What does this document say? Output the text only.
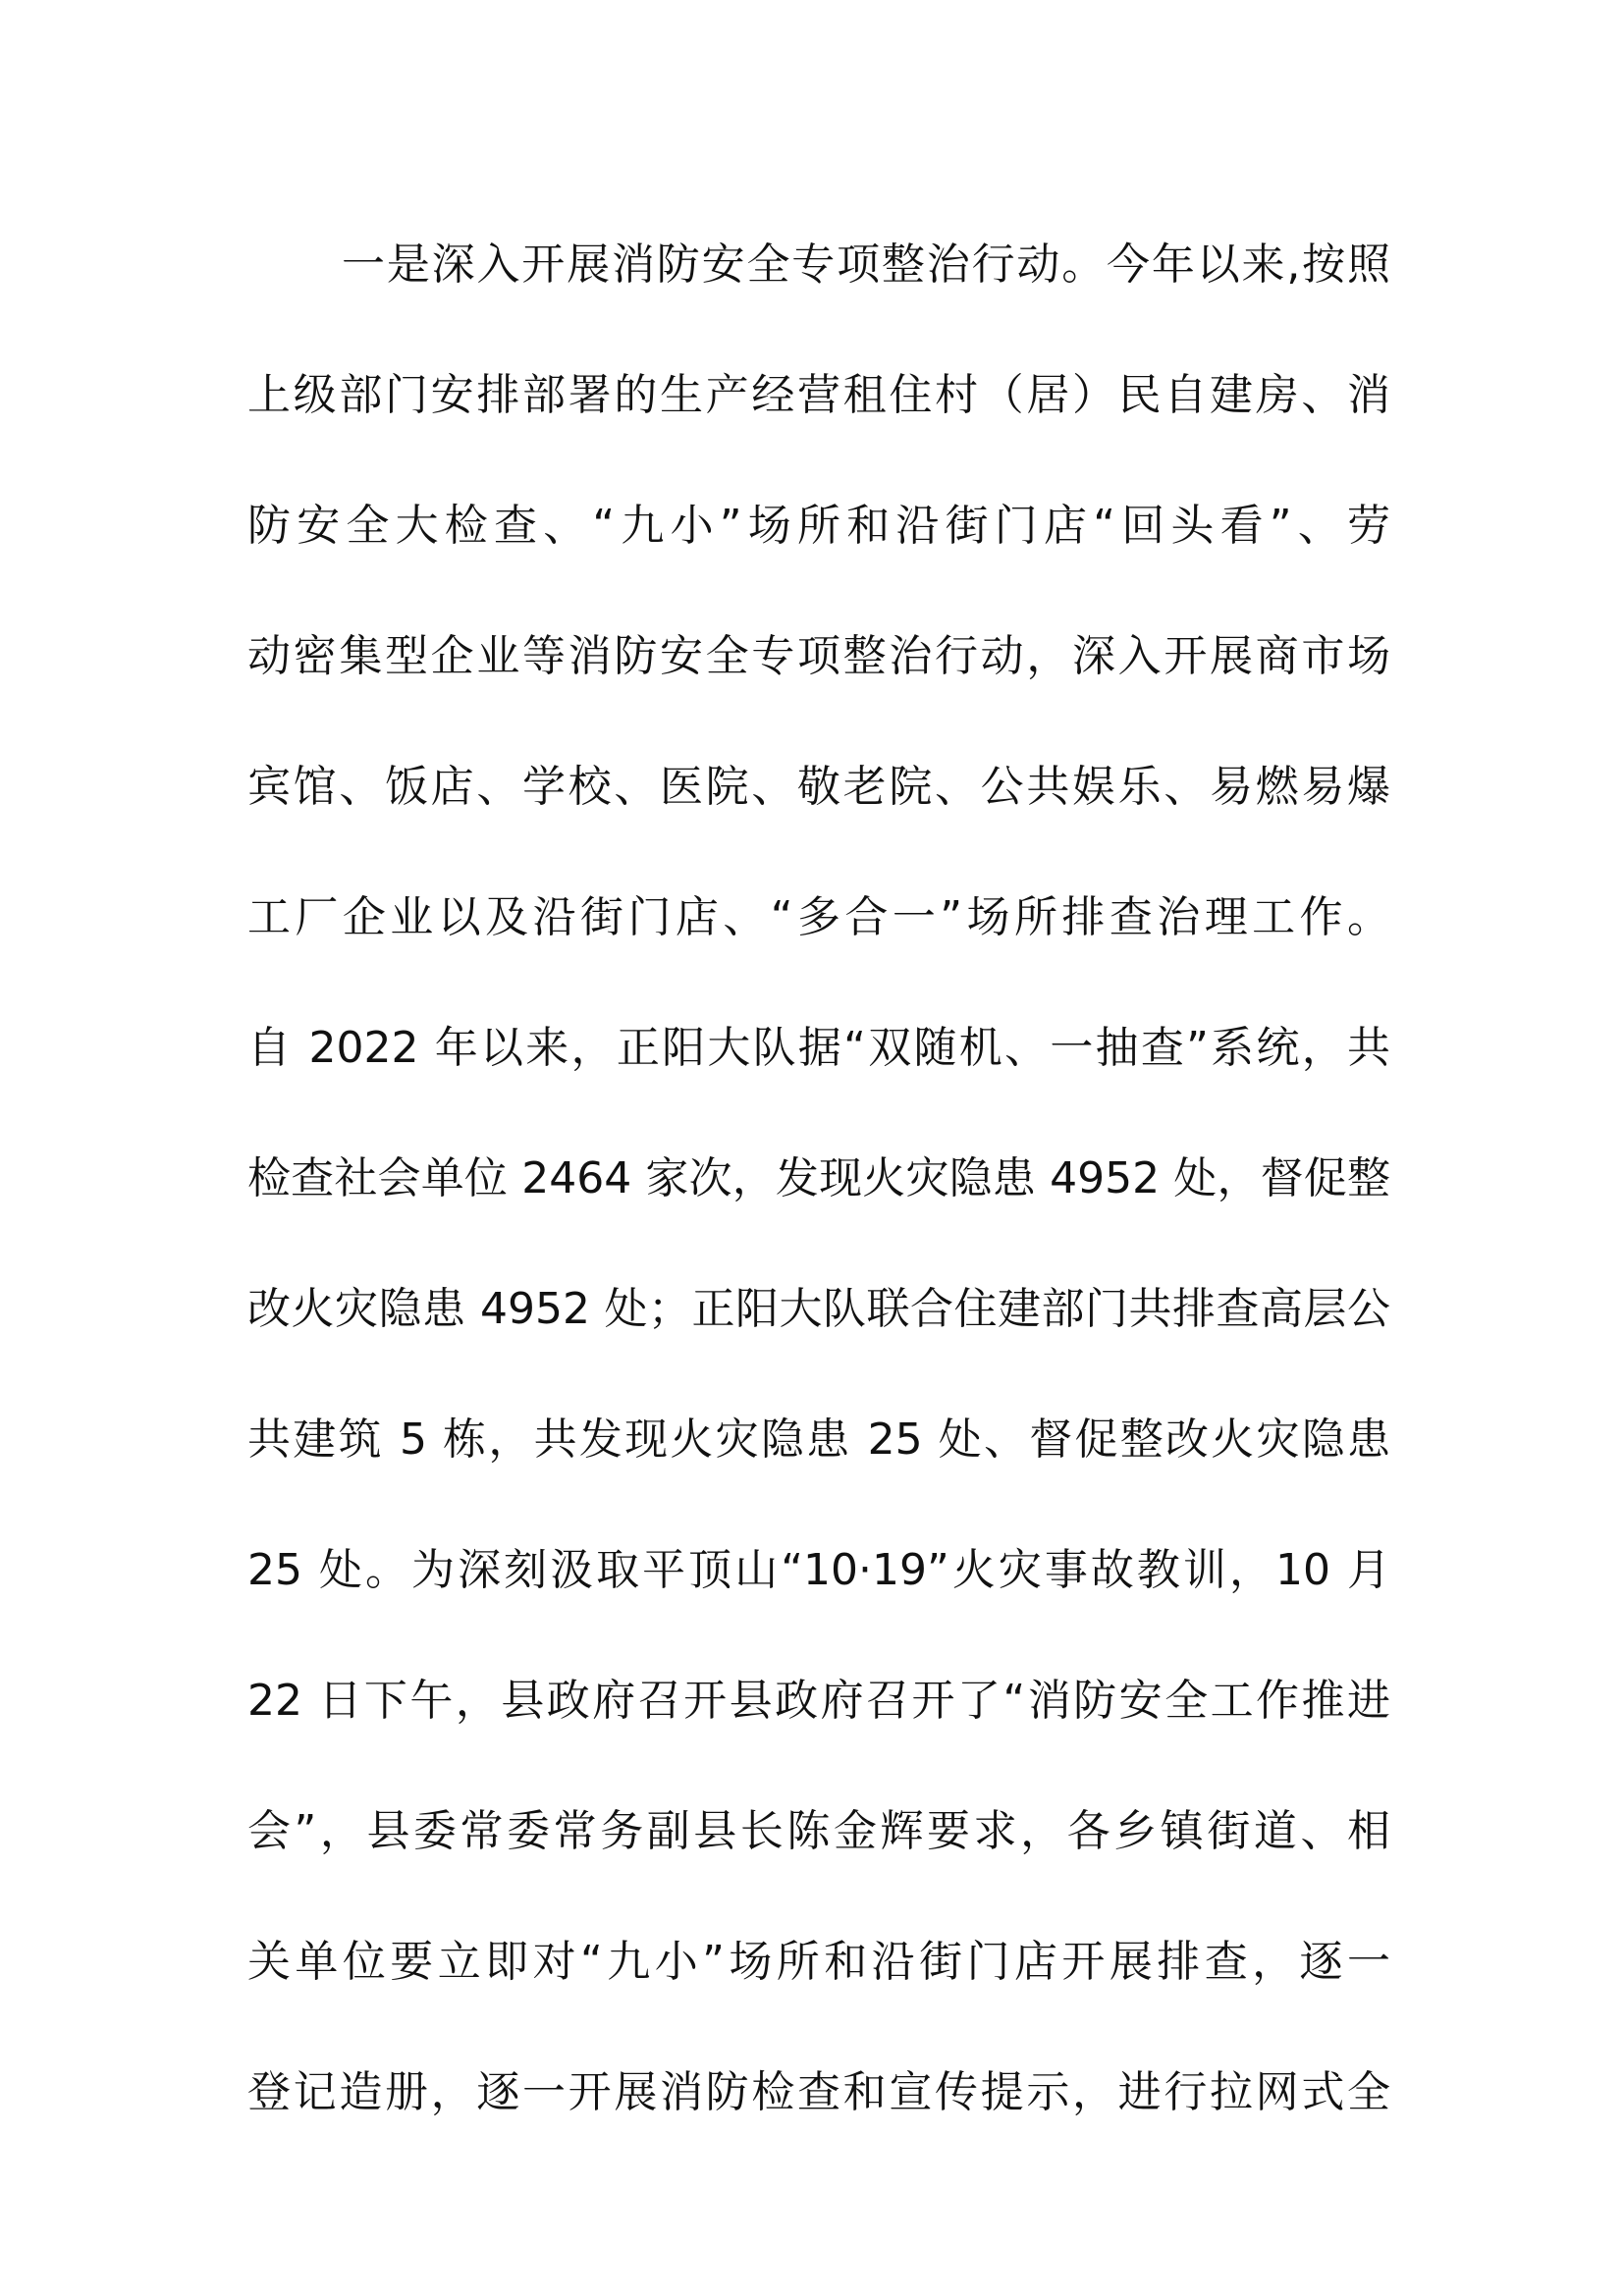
一是深入开展消防安全专项整治行动。今年以来,按照
上级部门安排部署的生产经营租住村（居）民自建房、消
防安全大检查、“九小”场所和沿街门店“回头看”、劳
动密集型企业等消防安全专项整治行动，深入开展商市场
宾馆、饭店、学校、医院、敬老院、公共娱乐、易燃易爆
工厂企业以及沿街门店、“多合一”场所排查治理工作。
自 2022 年以来，正阳大队据“双随机、一抽查”系统，共
检查社会单位 2464 家次，发现火灾隐患 4952 处，督促整
改火灾隐患 4952 处；正阳大队联合住建部门共排查高层公
共建筑 5 栋，共发现火灾隐患 25 处、督促整改火灾隐患
25 处。为深刻汲取平顶山“10·19”火灾事故教训，10 月
22 日下午，县政府召开县政府召开了“消防安全工作推进
会”，县委常委常务副县长陈金辉要求，各乡镇街道、相
关单位要立即对“九小”场所和沿街门店开展排查，逐一
登记造册，逐一开展消防检查和宣传提示，进行拉网式全
